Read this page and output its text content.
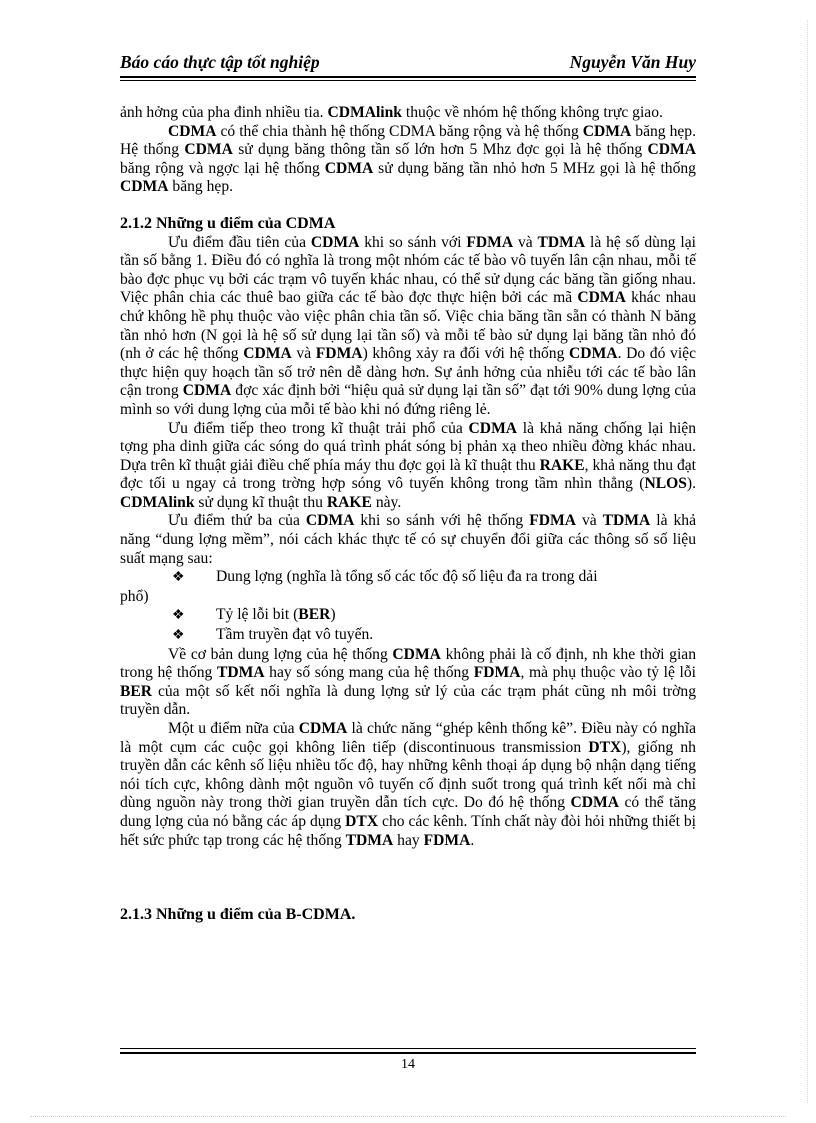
Báo cáo thực tập tốt nghiệp	Nguyễn Văn Huy

ảnh hởng của pha đinh nhiều tia. CDMAlink thuộc về nhóm hệ thống không trực giao.

CDMA có thể chia thành hệ thống CDMA băng rộng và hệ thống CDMA băng hẹp. Hệ thống CDMA sử dụng băng thông tần số lớn hơn 5 Mhz đợc gọi là hệ thống CDMA băng rộng và ngợc lại hệ thống CDMA sử dụng băng tần nhỏ hơn 5 MHz gọi là hệ thống CDMA băng hẹp.

2.1.2 Những u điểm của CDMA

Ưu điểm đầu tiên của CDMA khi so sánh với FDMA và TDMA là hệ số dùng lại tần số bằng 1. Điều đó có nghĩa là trong một nhóm các tế bào vô tuyến lân cận nhau, mỗi tế bào đợc phục vụ bởi các trạm vô tuyến khác nhau, có thể sử dụng các băng tần giống nhau. Việc phân chia các thuê bao giữa các tế bào đợc thực hiện bởi các mã CDMA khác nhau chứ không hề phụ thuộc vào việc phân chia tần số. Việc chia băng tần sẵn có thành N băng tần nhỏ hơn (N gọi là hệ số sử dụng lại tần số) và mỗi tế bào sử dụng lại băng tần nhỏ đó (nh ở các hệ thống CDMA và FDMA) không xảy ra đối với hệ thống CDMA. Do đó việc thực hiện quy hoạch tần số trở nên dễ dàng hơn. Sự ảnh hởng của nhiễu tới các tế bào lân cận trong CDMA đợc xác định bởi “hiệu quả sử dụng lại tần số” đạt tới 90% dung lợng của mình so với dung lợng của mỗi tế bào khi nó đứng riêng lẻ.

Ưu điểm tiếp theo trong kĩ thuật trải phổ của CDMA là khả năng chống lại hiện tợng pha dinh giữa các sóng do quá trình phát sóng bị phản xạ theo nhiều đờng khác nhau. Dựa trên kĩ thuật giải điều chế phía máy thu đợc gọi là kĩ thuật thu RAKE, khả năng thu đạt đợc tối u ngay cả trong trờng hợp sóng vô tuyến không trong tầm nhìn thẳng (NLOS). CDMAlink sử dụng kĩ thuật thu RAKE này.

Ưu điểm thứ ba của CDMA khi so sánh với hệ thống FDMA và TDMA là khả năng “dung lợng mềm”, nói cách khác thực tế có sự chuyển đổi giữa các thông số số liệu suất mạng sau:

❖	Dung lợng (nghĩa là tổng số các tốc độ số liệu đa ra trong dải

phổ)

❖	Tỷ lệ lỗi bit (BER)
❖	Tầm truyền đạt vô tuyến.

Về cơ bản dung lợng của hệ thống CDMA không phải là cố định, nh khe thời gian trong hệ thống TDMA hay số sóng mang của hệ thống FDMA, mà phụ thuộc vào tỷ lệ lỗi BER của một số kết nối nghĩa là dung lợng sử lý của các trạm phát cũng nh môi trờng truyền dẫn.

Một u điểm nữa của CDMA là chức năng “ghép kênh thống kê”. Điều này có nghĩa là một cụm các cuộc gọi không liên tiếp (discontinuous transmission DTX), giống nh truyền dẫn các kênh số liệu nhiều tốc độ, hay những kênh thoại áp dụng bộ nhận dạng tiếng nói tích cực, không dành một nguồn vô tuyến cố định suốt trong quá trình kết nối mà chỉ dùng nguồn này trong thời gian truyền dẫn tích cực. Do đó hệ thống CDMA có thể tăng dung lợng của nó bằng các áp dụng DTX cho các kênh. Tính chất này đòi hỏi những thiết bị hết sức phức tạp trong các hệ thống TDMA hay FDMA.

2.1.3 Những u điểm của B-CDMA.

14
